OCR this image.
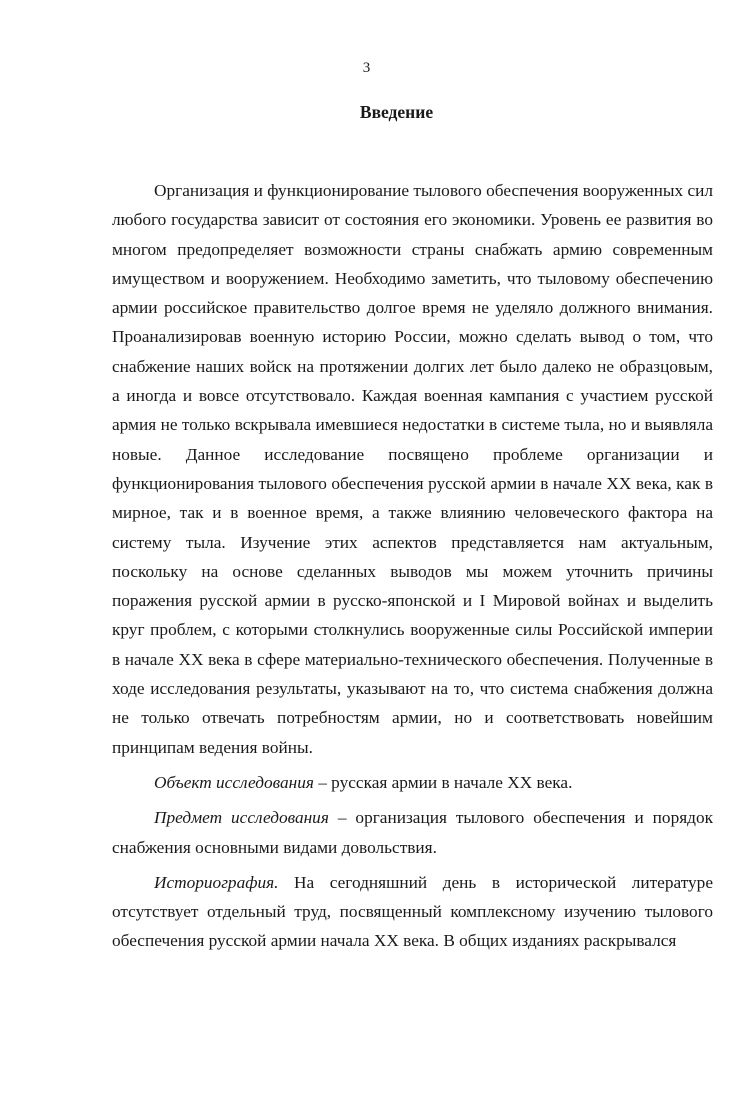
3
Введение

Организация и функционирование тылового обеспечения вооруженных сил любого государства зависит от состояния его экономики. Уровень ее развития во многом предопределяет возможности страны снабжать армию современным имуществом и вооружением. Необходимо заметить, что тыловому обеспечению армии российское правительство долгое время не уделяло должного внимания. Проанализировав военную историю России, можно сделать вывод о том, что снабжение наших войск на протяжении долгих лет было далеко не образцовым, а иногда и вовсе отсутствовало. Каждая военная кампания с участием русской армия не только вскрывала имевшиеся недостатки в системе тыла, но и выявляла новые. Данное исследование посвящено проблеме организации и функционирования тылового обеспечения русской армии в начале XX века, как в мирное, так и в военное время, а также влиянию человеческого фактора на систему тыла. Изучение этих аспектов представляется нам актуальным, поскольку на основе сделанных выводов мы можем уточнить причины поражения русской армии в русско-японской и I Мировой войнах и выделить круг проблем, с которыми столкнулись вооруженные силы Российской империи в начале XX века в сфере материально-технического обеспечения. Полученные в ходе исследования результаты, указывают на то, что система снабжения должна не только отвечать потребностям армии, но и соответствовать новейшим принципам ведения войны.

Объект исследования – русская армии в начале XX века.

Предмет исследования – организация тылового обеспечения и порядок снабжения основными видами довольствия.

Историография. На сегодняшний день в исторической литературе отсутствует отдельный труд, посвященный комплексному изучению тылового обеспечения русской армии начала XX века. В общих изданиях раскрывался
